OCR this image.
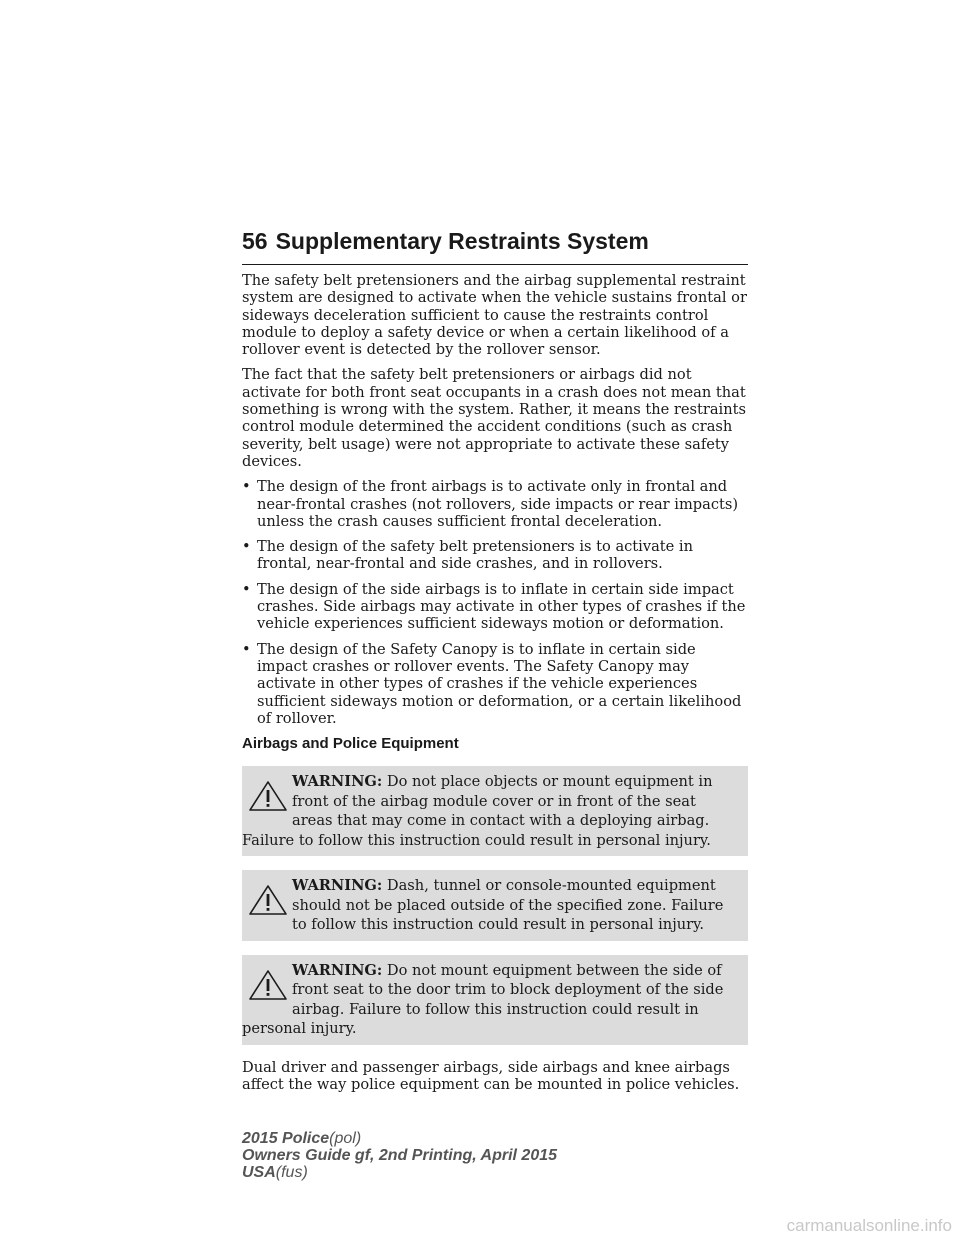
56 Supplementary Restraints System

The safety belt pretensioners and the airbag supplemental restraint system are designed to activate when the vehicle sustains frontal or sideways deceleration sufficient to cause the restraints control module to deploy a safety device or when a certain likelihood of a rollover event is detected by the rollover sensor.

The fact that the safety belt pretensioners or airbags did not activate for both front seat occupants in a crash does not mean that something is wrong with the system. Rather, it means the restraints control module determined the accident conditions (such as crash severity, belt usage) were not appropriate to activate these safety devices.

• The design of the front airbags is to activate only in frontal and near-frontal crashes (not rollovers, side impacts or rear impacts) unless the crash causes sufficient frontal deceleration.
• The design of the safety belt pretensioners is to activate in frontal, near-frontal and side crashes, and in rollovers.
• The design of the side airbags is to inflate in certain side impact crashes. Side airbags may activate in other types of crashes if the vehicle experiences sufficient sideways motion or deformation.
• The design of the Safety Canopy is to inflate in certain side impact crashes or rollover events. The Safety Canopy may activate in other types of crashes if the vehicle experiences sufficient sideways motion or deformation, or a certain likelihood of rollover.
Airbags and Police Equipment
WARNING: Do not place objects or mount equipment in front of the airbag module cover or in front of the seat areas that may come in contact with a deploying airbag. Failure to follow this instruction could result in personal injury.
WARNING: Dash, tunnel or console-mounted equipment should not be placed outside of the specified zone. Failure to follow this instruction could result in personal injury.
WARNING: Do not mount equipment between the side of front seat to the door trim to block deployment of the side airbag. Failure to follow this instruction could result in personal injury.

Dual driver and passenger airbags, side airbags and knee airbags affect the way police equipment can be mounted in police vehicles.

2015 Police(pol)
Owners Guide gf, 2nd Printing, April 2015
USA(fus)
carmanualsonline.info
